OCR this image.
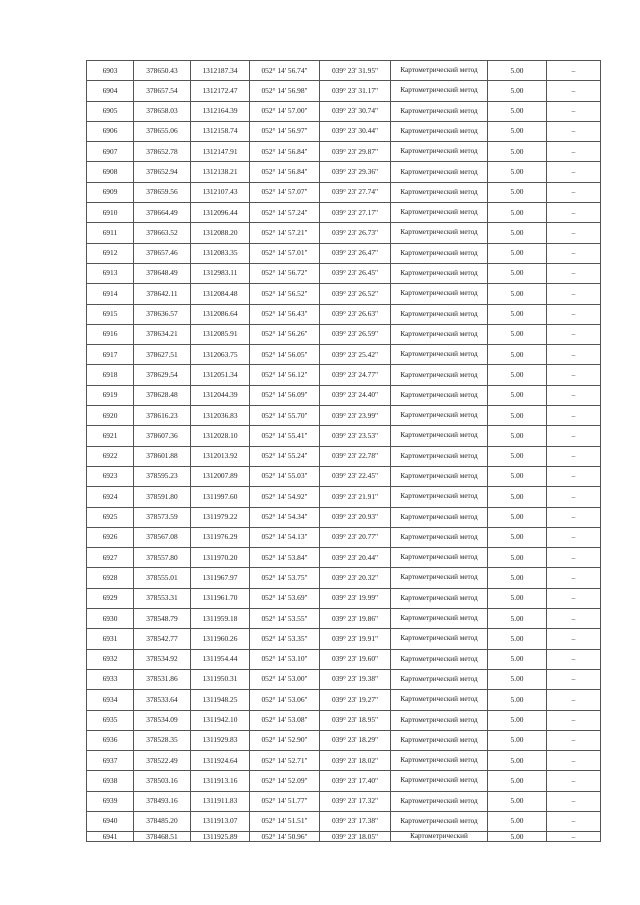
6903	378650.43	1312187.34	052° 14' 56.74"	039° 23' 31.95"	Картометрический метод	5.00	–
6904	378657.54	1312172.47	052° 14' 56.98"	039° 23' 31.17"	Картометрический метод	5.00	–
6905	378658.03	1312164.39	052° 14' 57.00"	039° 23' 30.74"	Картометрический метод	5.00	–
6906	378655.06	1312158.74	052° 14' 56.97"	039° 23' 30.44"	Картометрический метод	5.00	–
6907	378652.78	1312147.91	052° 14' 56.84"	039° 23' 29.87"	Картометрический метод	5.00	–
6908	378652.94	1312138.21	052° 14' 56.84"	039° 23' 29.36"	Картометрический метод	5.00	–
6909	378659.56	1312107.43	052° 14' 57.07"	039° 23' 27.74"	Картометрический метод	5.00	–
6910	378664.49	1312096.44	052° 14' 57.24"	039° 23' 27.17"	Картометрический метод	5.00	–
6911	378663.52	1312088.20	052° 14' 57.21"	039° 23' 26.73"	Картометрический метод	5.00	–
6912	378657.46	1312083.35	052° 14' 57.01"	039° 23' 26.47"	Картометрический метод	5.00	–
6913	378648.49	1312983.11	052° 14' 56.72"	039° 23' 26.45"	Картометрический метод	5.00	–
6914	378642.11	1312084.48	052° 14' 56.52"	039° 23' 26.52"	Картометрический метод	5.00	–
6915	378636.57	1312086.64	052° 14' 56.43"	039° 23' 26.63"	Картометрический метод	5.00	–
6916	378634.21	1312085.91	052° 14' 56.26"	039° 23' 26.59"	Картометрический метод	5.00	–
6917	378627.51	1312063.75	052° 14' 56.05"	039° 23' 25.42"	Картометрический метод	5.00	–
6918	378629.54	1312051.34	052° 14' 56.12"	039° 23' 24.77"	Картометрический метод	5.00	–
6919	378628.48	1312044.39	052° 14' 56.09"	039° 23' 24.40"	Картометрический метод	5.00	–
6920	378616.23	1312036.83	052° 14' 55.70"	039° 23' 23.99"	Картометрический метод	5.00	–
6921	378607.36	1312028.10	052° 14' 55.41"	039° 23' 23.53"	Картометрический метод	5.00	–
6922	378601.88	1312013.92	052° 14' 55.24"	039° 23' 22.78"	Картометрический метод	5.00	–
6923	378595.23	1312007.89	052° 14' 55.03"	039° 23' 22.45"	Картометрический метод	5.00	–
6924	378591.80	1311997.60	052° 14' 54.92"	039° 23' 21.91"	Картометрический метод	5.00	–
6925	378573.59	1311979.22	052° 14' 54.34"	039° 23' 20.93"	Картометрический метод	5.00	–
6926	378567.08	1311976.29	052° 14' 54.13"	039° 23' 20.77"	Картометрический метод	5.00	–
6927	378557.80	1311970.20	052° 14' 53.84"	039° 23' 20.44"	Картометрический метод	5.00	–
6928	378555.01	1311967.97	052° 14' 53.75"	039° 23' 20.32"	Картометрический метод	5.00	–
6929	378553.31	1311961.70	052° 14' 53.69"	039° 23' 19.99"	Картометрический метод	5.00	–
6930	378548.79	1311959.18	052° 14' 53.55"	039° 23' 19.86"	Картометрический метод	5.00	–
6931	378542.77	1311960.26	052° 14' 53.35"	039° 23' 19.91"	Картометрический метод	5.00	–
6932	378534.92	1311954.44	052° 14' 53.10"	039° 23' 19.60"	Картометрический метод	5.00	–
6933	378531.86	1311950.31	052° 14' 53.00"	039° 23' 19.38"	Картометрический метод	5.00	–
6934	378533.64	1311948.25	052° 14' 53.06"	039° 23' 19.27"	Картометрический метод	5.00	–
6935	378534.09	1311942.10	052° 14' 53.08"	039° 23' 18.95"	Картометрический метод	5.00	–
6936	378528.35	1311929.83	052° 14' 52.90"	039° 23' 18.29"	Картометрический метод	5.00	–
6937	378522.49	1311924.64	052° 14' 52.71"	039° 23' 18.02"	Картометрический метод	5.00	–
6938	378503.16	1311913.16	052° 14' 52.09"	039° 23' 17.40"	Картометрический метод	5.00	–
6939	378493.16	1311911.83	052° 14' 51.77"	039° 23' 17.32"	Картометрический метод	5.00	–
6940	378485.20	1311913.07	052° 14' 51.51"	039° 23' 17.38"	Картометрический метод	5.00	–
6941	378468.51	1311925.89	052° 14' 50.96"	039° 23' 18.05"	Картометрический	5.00	–
